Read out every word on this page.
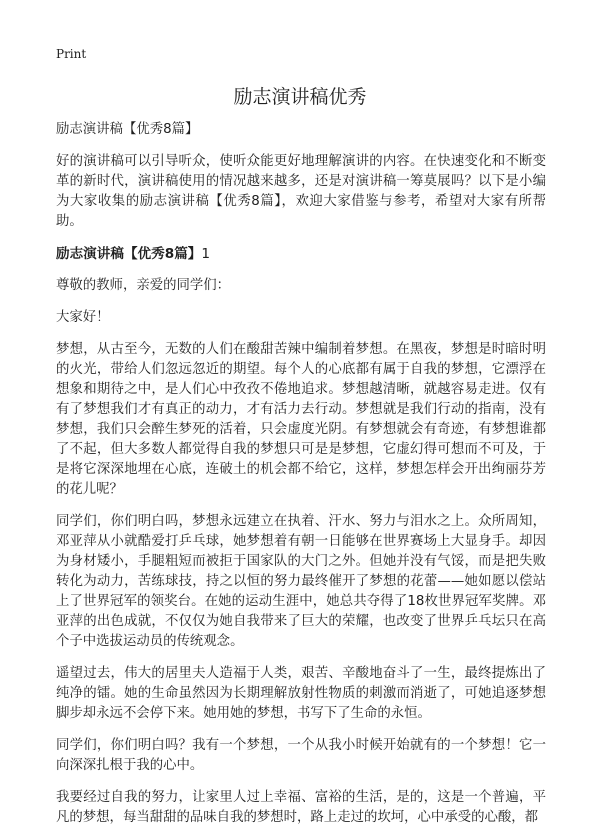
Print
励志演讲稿优秀

励志演讲稿【优秀8篇】

好的演讲稿可以引导听众，使听众能更好地理解演讲的内容。在快速变化和不断变革的新时代，演讲稿使用的情况越来越多，还是对演讲稿一筹莫展吗？以下是小编为大家收集的励志演讲稿【优秀8篇】，欢迎大家借鉴与参考，希望对大家有所帮助。

励志演讲稿【优秀8篇】1

尊敬的教师，亲爱的同学们：

大家好！

梦想，从古至今，无数的人们在酸甜苦辣中编制着梦想。在黑夜，梦想是时暗时明的火光，带给人们忽远忽近的期望。每个人的心底都有属于自我的梦想，它漂浮在想象和期待之中，是人们心中孜孜不倦地追求。梦想越清晰，就越容易走进。仅有有了梦想我们才有真正的动力，才有活力去行动。梦想就是我们行动的指南，没有梦想，我们只会醉生梦死的活着，只会虚度光阴。有梦想就会有奇迹，有梦想谁都了不起，但大多数人都觉得自我的梦想只可是是梦想，它虚幻得可想而不可及，于是将它深深地埋在心底，连破土的机会都不给它，这样，梦想怎样会开出绚丽芬芳的花儿呢？

同学们，你们明白吗，梦想永远建立在执着、汗水、努力与泪水之上。众所周知，邓亚萍从小就酷爱打乒乓球，她梦想着有朝一日能够在世界赛场上大显身手。却因为身材矮小，手腿粗短而被拒于国家队的大门之外。但她并没有气馁，而是把失败转化为动力，苦练球技，持之以恒的努力最终催开了梦想的花蕾——她如愿以偿站上了世界冠军的领奖台。在她的运动生涯中，她总共夺得了18枚世界冠军奖牌。邓亚萍的出色成就，不仅仅为她自我带来了巨大的荣耀，也改变了世界乒乓坛只在高个子中选拔运动员的传统观念。

遥望过去，伟大的居里夫人造福于人类，艰苦、辛酸地奋斗了一生，最终提炼出了纯净的镭。她的生命虽然因为长期理解放射性物质的刺激而消逝了，可她追逐梦想脚步却永远不会停下来。她用她的梦想，书写下了生命的永恒。

同学们，你们明白吗？我有一个梦想，一个从我小时候开始就有的一个梦想！它一向深深扎根于我的心中。

我要经过自我的努力，让家里人过上幸福、富裕的生活，是的，这是一个普遍，平凡的梦想，每当甜甜的品味自我的梦想时，路上走过的坎坷，心中承受的心酸，都
